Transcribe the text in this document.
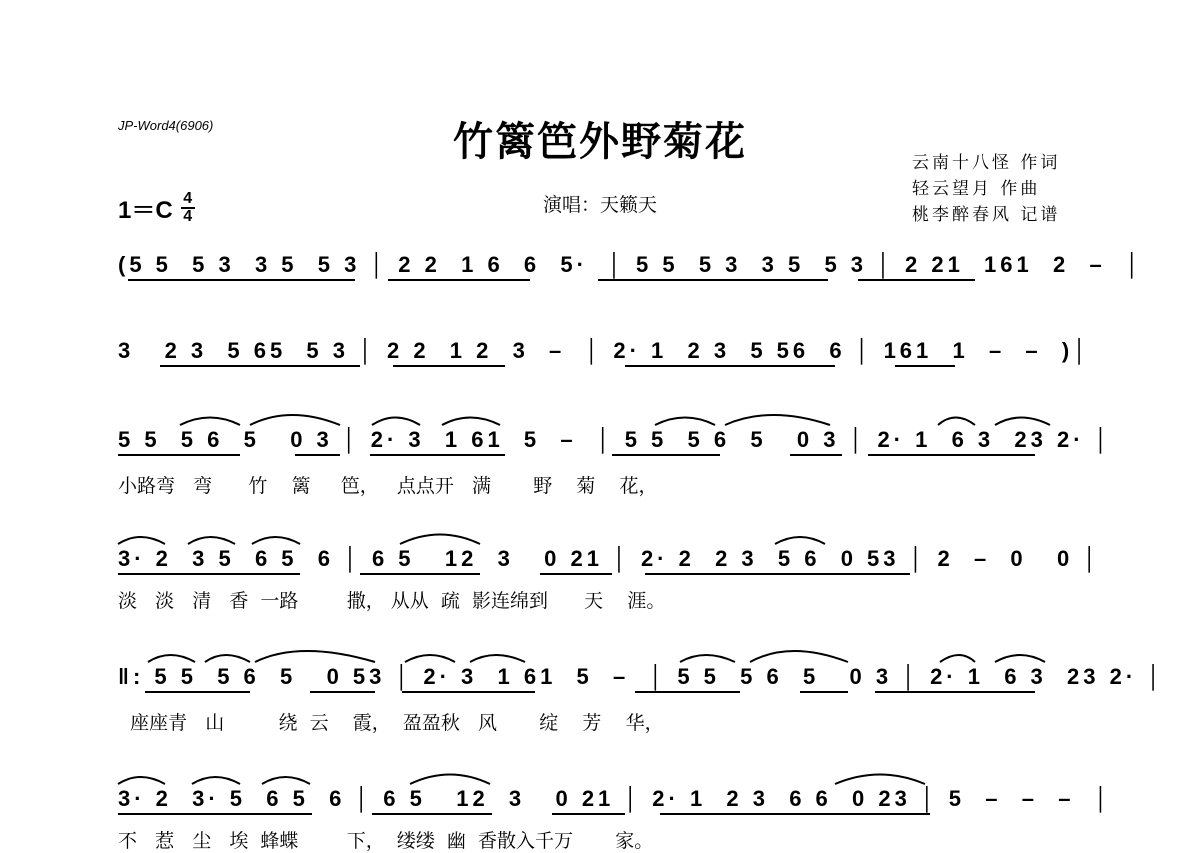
JP-Word4(6906)	竹篱笆外野菊花	云南十八怪 作词
轻云望月 作曲
桃李醉春风 记谱
1＝C 4
4	演唱：天籁天
(5 5  5 3  3 5  5 3 │ 2 2  1 6  6  5·  │ 5 5  5 3  3 5  5 3 │ 2 21  161  2  –  │
3   2 3  5 65  5 3 │ 2 2  1 2  3  –  │ 2· 1  2 3  5 56  6 │ 161  1  –  –  )│
5 5  5 6  5   0 3 │ 2· 3  1 61  5  –  │ 5 5  5 6  5   0 3 │ 2· 1  6 3  23 2· │
小路弯   弯      竹    篱     笆，   点点开   满       野    菊    花，
3· 2  3 5  6 5  6 │ 6 5   12  3   0 21 │ 2· 2  2 3  5 6  0 53 │ 2  –  0   0 │
淡   淡   清   香  一路        撒， 从从  疏  影连绵到      天    涯。
‖: 5 5  5 6  5   0 53 │ 2· 3  1 61  5  –  │ 5 5  5 6  5   0 3 │ 2· 1  6 3  23 2· │
座座青   山         绕  云    霞，  盈盈秋   风       绽    芳    华，
3· 2  3· 5  6 5  6 │ 6 5   12  3   0 21 │ 2· 1  2 3  6 6  0 23 │ 5  –  –  –  │
不   惹   尘   埃  蜂蝶        下，  缕缕  幽  香散入千万       家。
